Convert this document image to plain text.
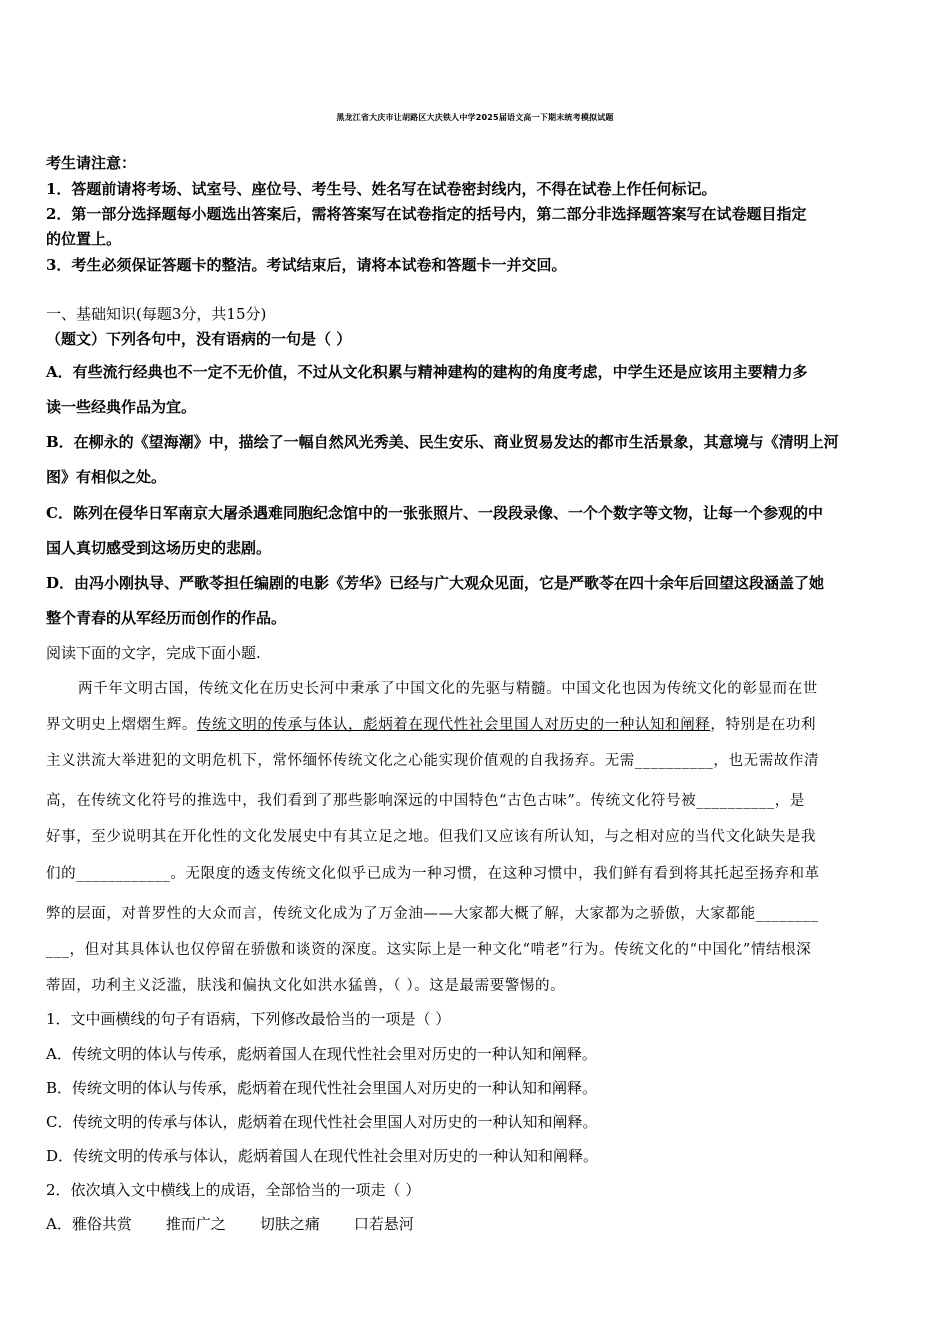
黑龙江省大庆市让胡路区大庆铁人中学2025届语文高一下期末统考模拟试题
考生请注意：
1．答题前请将考场、试室号、座位号、考生号、姓名写在试卷密封线内，不得在试卷上作任何标记。
2．第一部分选择题每小题选出答案后，需将答案写在试卷指定的括号内，第二部分非选择题答案写在试卷题目指定
的位置上。
3．考生必须保证答题卡的整洁。考试结束后，请将本试卷和答题卡一并交回。
一、基础知识(每题3分，共15分)
（题文）下列各句中，没有语病的一句是（ ）
A．有些流行经典也不一定不无价值，不过从文化积累与精神建构的建构的角度考虑，中学生还是应该用主要精力多
读一些经典作品为宜。
B．在柳永的《望海潮》中，描绘了一幅自然风光秀美、民生安乐、商业贸易发达的都市生活景象，其意境与《清明上河
图》有相似之处。
C．陈列在侵华日军南京大屠杀遇难同胞纪念馆中的一张张照片、一段段录像、一个个数字等文物，让每一个参观的中
国人真切感受到这场历史的悲剧。
D．由冯小刚执导、严歌苓担任编剧的电影《芳华》已经与广大观众见面，它是严歌苓在四十余年后回望这段涵盖了她
整个青春的从军经历而创作的作品。
阅读下面的文字，完成下面小题.
两千年文明古国，传统文化在历史长河中秉承了中国文化的先驱与精髓。中国文化也因为传统文化的彰显而在世
界文明史上熠熠生辉。传统文明的传承与体认，彪炳着在现代性社会里国人对历史的一种认知和阐释，特别是在功利
主义洪流大举进犯的文明危机下，常怀缅怀传统文化之心能实现价值观的自我扬弃。无需__________，也无需故作清
高，在传统文化符号的推选中，我们看到了那些影响深远的中国特色“古色古味”。传统文化符号被__________，是
好事，至少说明其在开化性的文化发展史中有其立足之地。但我们又应该有所认知，与之相对应的当代文化缺失是我
们的____________。无限度的透支传统文化似乎已成为一种习惯，在这种习惯中，我们鲜有看到将其托起至扬弃和革
弊的层面，对普罗性的大众而言，传统文化成为了万金油——大家都大概了解，大家都为之骄傲，大家都能________
___，但对其具体认也仅停留在骄傲和谈资的深度。这实际上是一种文化“啃老”行为。传统文化的“中国化”情结根深
蒂固，功利主义泛滥，肤浅和偏执文化如洪水猛兽，（ ）。这是最需要警惕的。
1．文中画横线的句子有语病，下列修改最恰当的一项是（ ）
A．传统文明的体认与传承，彪炳着国人在现代性社会里对历史的一种认知和阐释。
B．传统文明的体认与传承，彪炳着在现代性社会里国人对历史的一种认知和阐释。
C．传统文明的传承与体认，彪炳着在现代性社会里国人对历史的一种认知和阐释。
D．传统文明的传承与体认，彪炳着国人在现代性社会里对历史的一种认知和阐释。
2．依次填入文中横线上的成语，全部恰当的一项走（ ）
A．雅俗共赏 推而广之 切肤之痛 口若悬河
